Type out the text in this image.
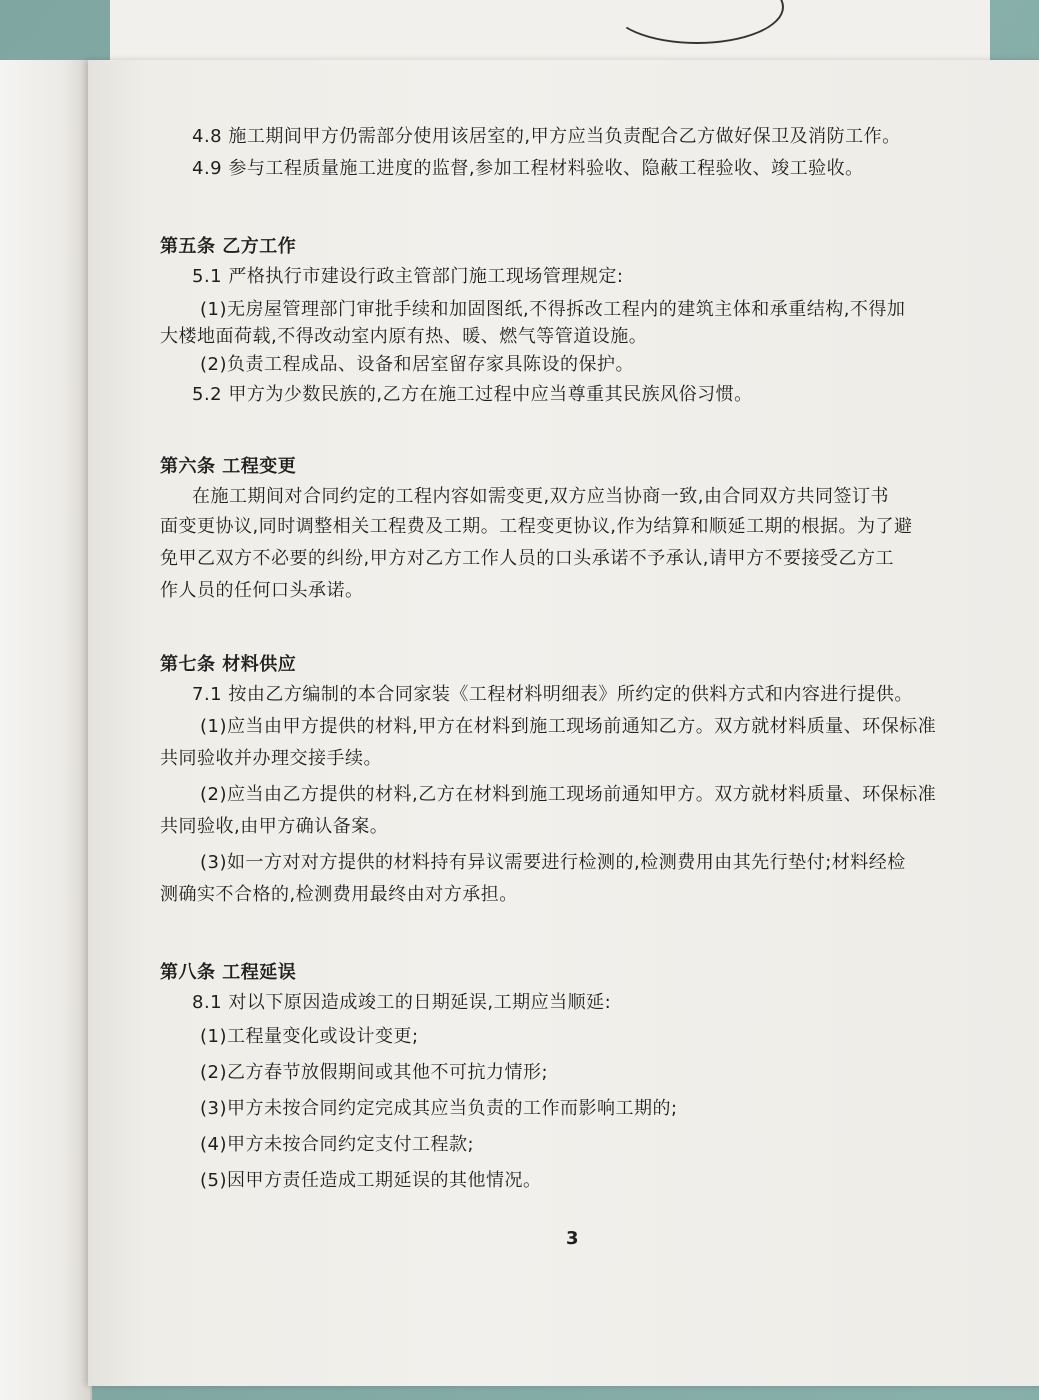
4.8 施工期间甲方仍需部分使用该居室的,甲方应当负责配合乙方做好保卫及消防工作。
4.9 参与工程质量施工进度的监督,参加工程材料验收、隐蔽工程验收、竣工验收。
第五条 乙方工作
5.1 严格执行市建设行政主管部门施工现场管理规定:
(1)无房屋管理部门审批手续和加固图纸,不得拆改工程内的建筑主体和承重结构,不得加
大楼地面荷载,不得改动室内原有热、暖、燃气等管道设施。
(2)负责工程成品、设备和居室留存家具陈设的保护。
5.2 甲方为少数民族的,乙方在施工过程中应当尊重其民族风俗习惯。
第六条 工程变更
在施工期间对合同约定的工程内容如需变更,双方应当协商一致,由合同双方共同签订书
面变更协议,同时调整相关工程费及工期。工程变更协议,作为结算和顺延工期的根据。为了避
免甲乙双方不必要的纠纷,甲方对乙方工作人员的口头承诺不予承认,请甲方不要接受乙方工
作人员的任何口头承诺。
第七条 材料供应
7.1 按由乙方编制的本合同家装《工程材料明细表》所约定的供料方式和内容进行提供。
(1)应当由甲方提供的材料,甲方在材料到施工现场前通知乙方。双方就材料质量、环保标准
共同验收并办理交接手续。
(2)应当由乙方提供的材料,乙方在材料到施工现场前通知甲方。双方就材料质量、环保标准
共同验收,由甲方确认备案。
(3)如一方对对方提供的材料持有异议需要进行检测的,检测费用由其先行垫付;材料经检
测确实不合格的,检测费用最终由对方承担。
第八条 工程延误
8.1 对以下原因造成竣工的日期延误,工期应当顺延:
(1)工程量变化或设计变更;
(2)乙方春节放假期间或其他不可抗力情形;
(3)甲方未按合同约定完成其应当负责的工作而影响工期的;
(4)甲方未按合同约定支付工程款;
(5)因甲方责任造成工期延误的其他情况。
3
